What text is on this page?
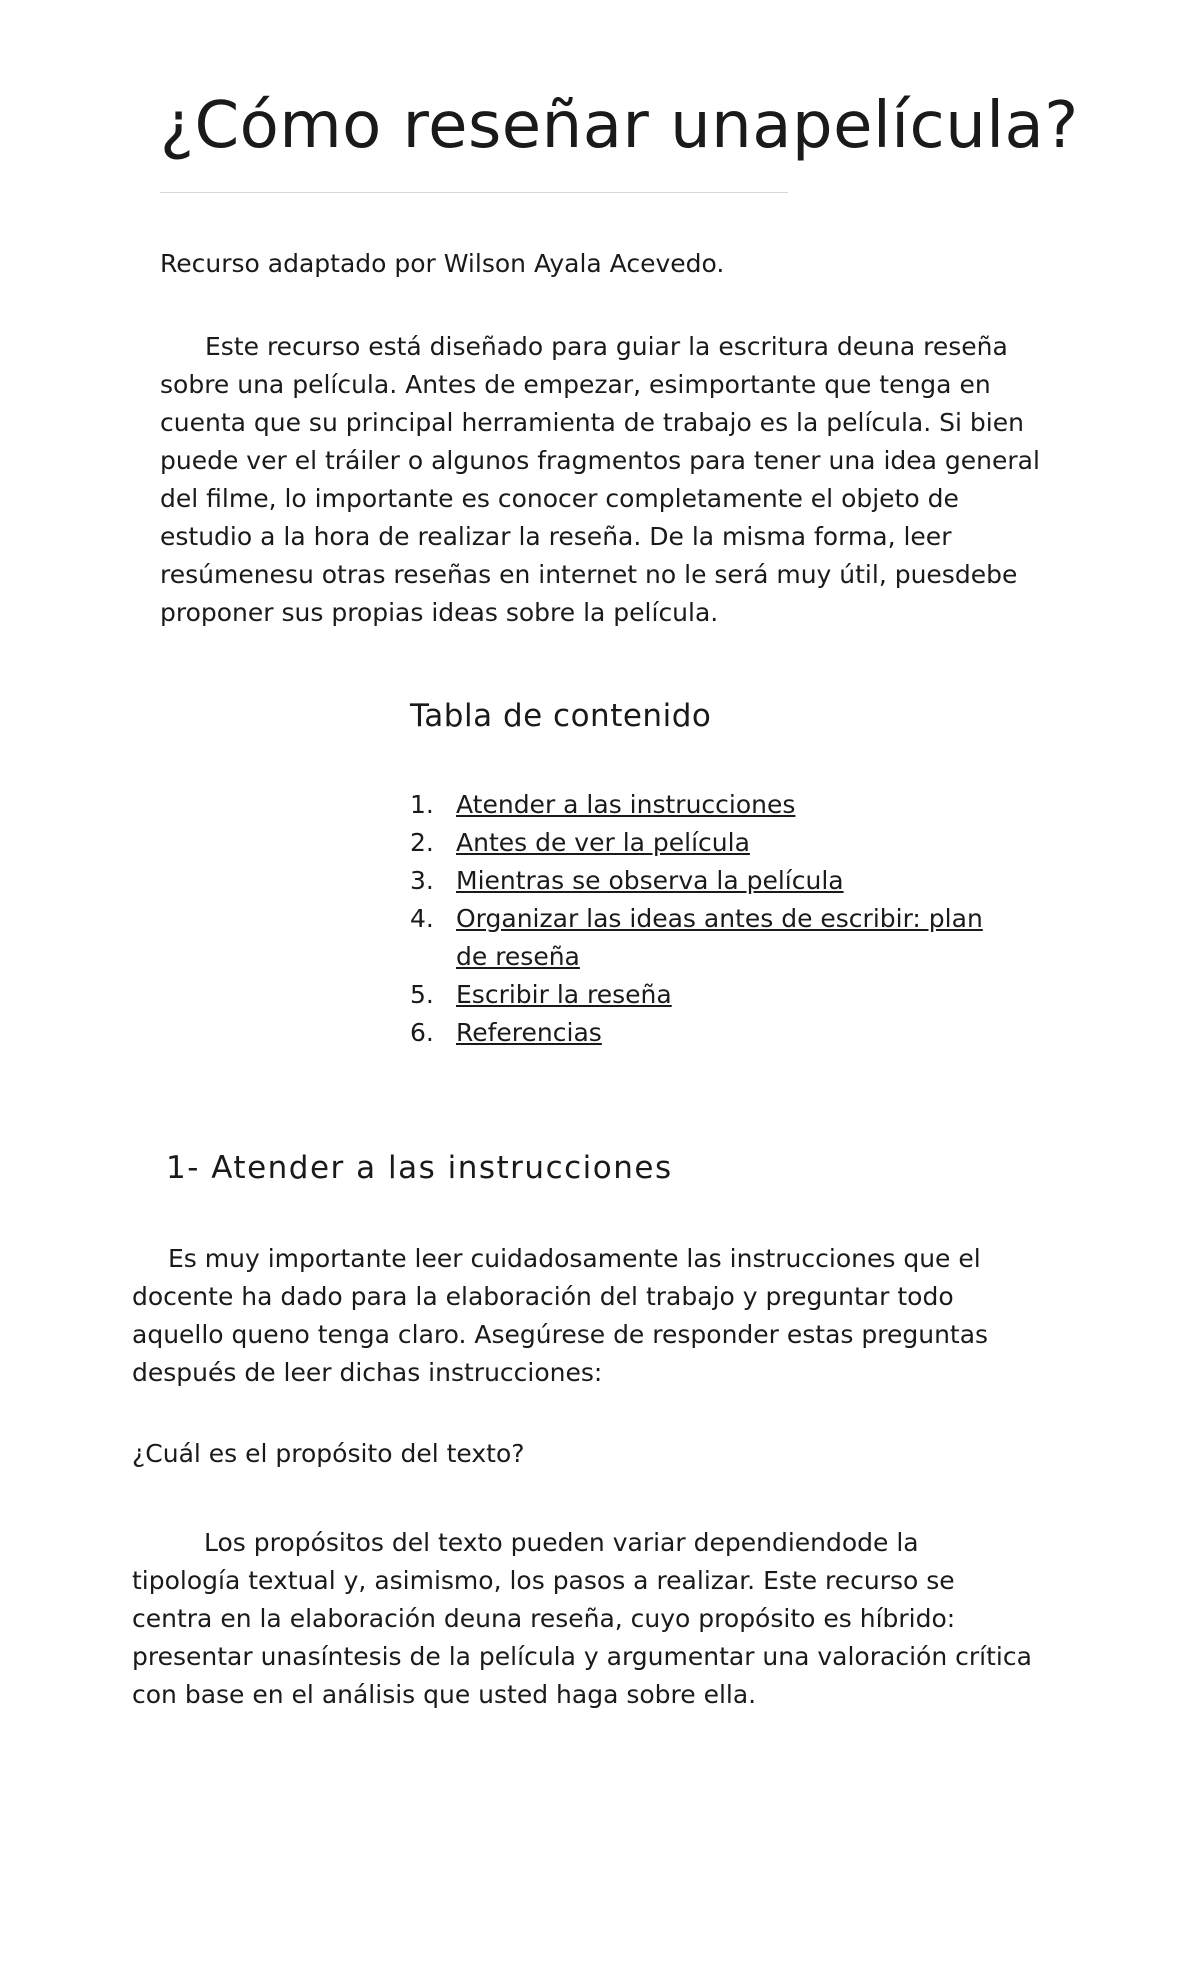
¿Cómo reseñar unapelícula?

Recurso adaptado por Wilson Ayala Acevedo.

Este recurso está diseñado para guiar la escritura deuna reseña sobre una película. Antes de empezar, esimportante que tenga en cuenta que su principal herramienta de trabajo es la película. Si bien puede ver el tráiler o algunos fragmentos para tener una idea general del filme, lo importante es conocer completamente el objeto de estudio a la hora de realizar la reseña. De la misma forma, leer resúmenesu otras reseñas en internet no le será muy útil, puesdebe proponer sus propias ideas sobre la película.

Tabla de contenido
1. Atender a las instrucciones
2. Antes de ver la película
3. Mientras se observa la película
4. Organizar las ideas antes de escribir: plan de reseña
5. Escribir la reseña
6. Referencias
1- Atender a las instrucciones

Es muy importante leer cuidadosamente las instrucciones que el docente ha dado para la elaboración del trabajo y preguntar todo aquello queno tenga claro. Asegúrese de responder estas preguntas después de leer dichas instrucciones:

¿Cuál es el propósito del texto?

Los propósitos del texto pueden variar dependiendode la tipología textual y, asimismo, los pasos a realizar. Este recurso se centra en la elaboración deuna reseña, cuyo propósito es híbrido: presentar unasíntesis de la película y argumentar una valoración crítica con base en el análisis que usted haga sobre ella.
